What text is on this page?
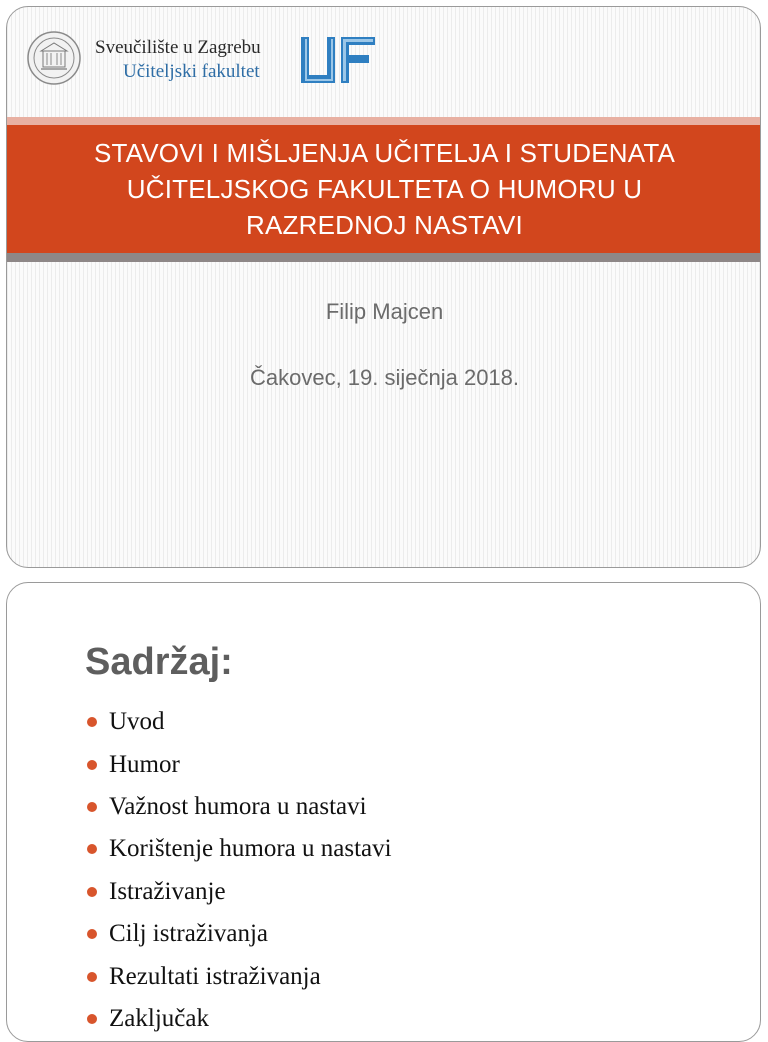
Sveučilište u Zagrebu
Učiteljski fakultet
STAVOVI I MIŠLJENJA UČITELJA I STUDENATA
UČITELJSKOG FAKULTETA O HUMORU U
RAZREDNOJ NASTAVI
Filip Majcen
Čakovec, 19. siječnja 2018.
Sadržaj:
Uvod
Humor
Važnost humora u nastavi
Korištenje humora u nastavi
Istraživanje
Cilj istraživanja
Rezultati istraživanja
Zaključak
